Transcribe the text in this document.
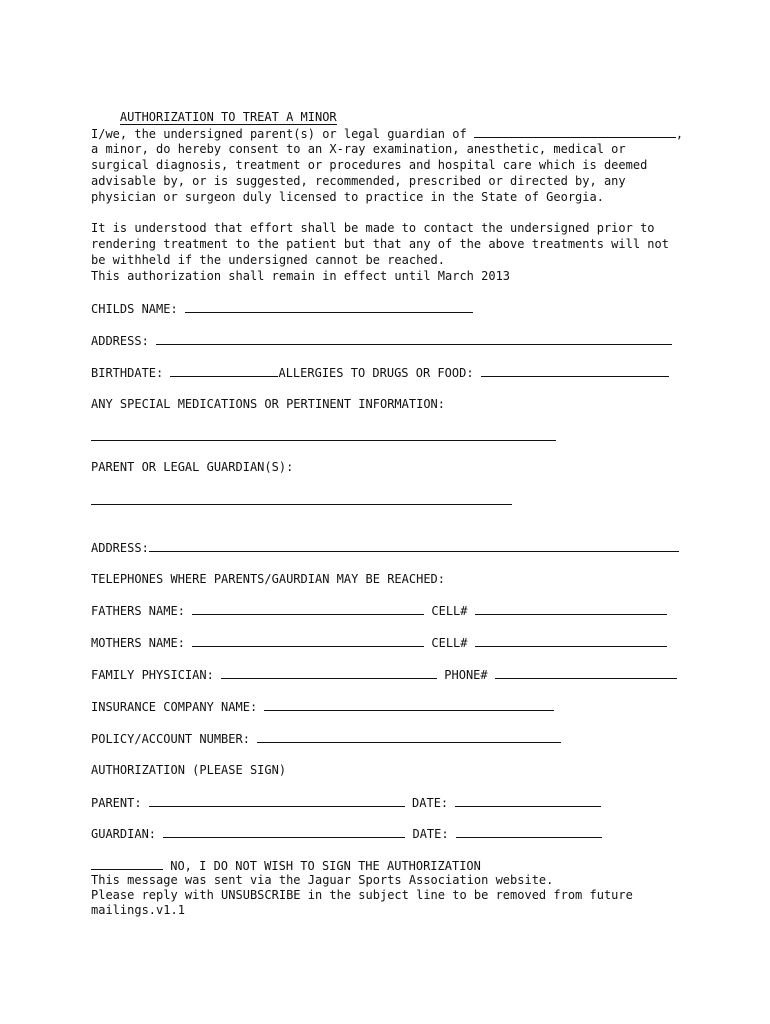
AUTHORIZATION TO TREAT A MINOR

I/we, the undersigned parent(s) or legal guardian of	,
a minor, do hereby consent to an X-ray examination, anesthetic, medical or
surgical diagnosis, treatment or procedures and hospital care which is deemed
advisable by, or is suggested, recommended, prescribed or directed by, any
physician or surgeon duly licensed to practice in the State of Georgia.
It is understood that effort shall be made to contact the undersigned prior to
rendering treatment to the patient but that any of the above treatments will not
be withheld if the undersigned cannot be reached.
This authorization shall remain in effect until March 2013
CHILDS NAME:
ADDRESS:
BIRTHDATE:	ALLERGIES TO DRUGS OR FOOD:
ANY SPECIAL MEDICATIONS OR PERTINENT INFORMATION:
PARENT OR LEGAL GUARDIAN(S):
ADDRESS:
TELEPHONES WHERE PARENTS/GAURDIAN MAY BE REACHED:
FATHERS NAME:	CELL#
MOTHERS NAME:	CELL#
FAMILY PHYSICIAN:	PHONE#
INSURANCE COMPANY NAME:
POLICY/ACCOUNT NUMBER:
AUTHORIZATION (PLEASE SIGN)
PARENT:	DATE:
GUARDIAN:	DATE:
NO, I DO NOT WISH TO SIGN THE AUTHORIZATION
This message was sent via the Jaguar Sports Association website.
Please reply with UNSUBSCRIBE in the subject line to be removed from future
mailings.v1.1
